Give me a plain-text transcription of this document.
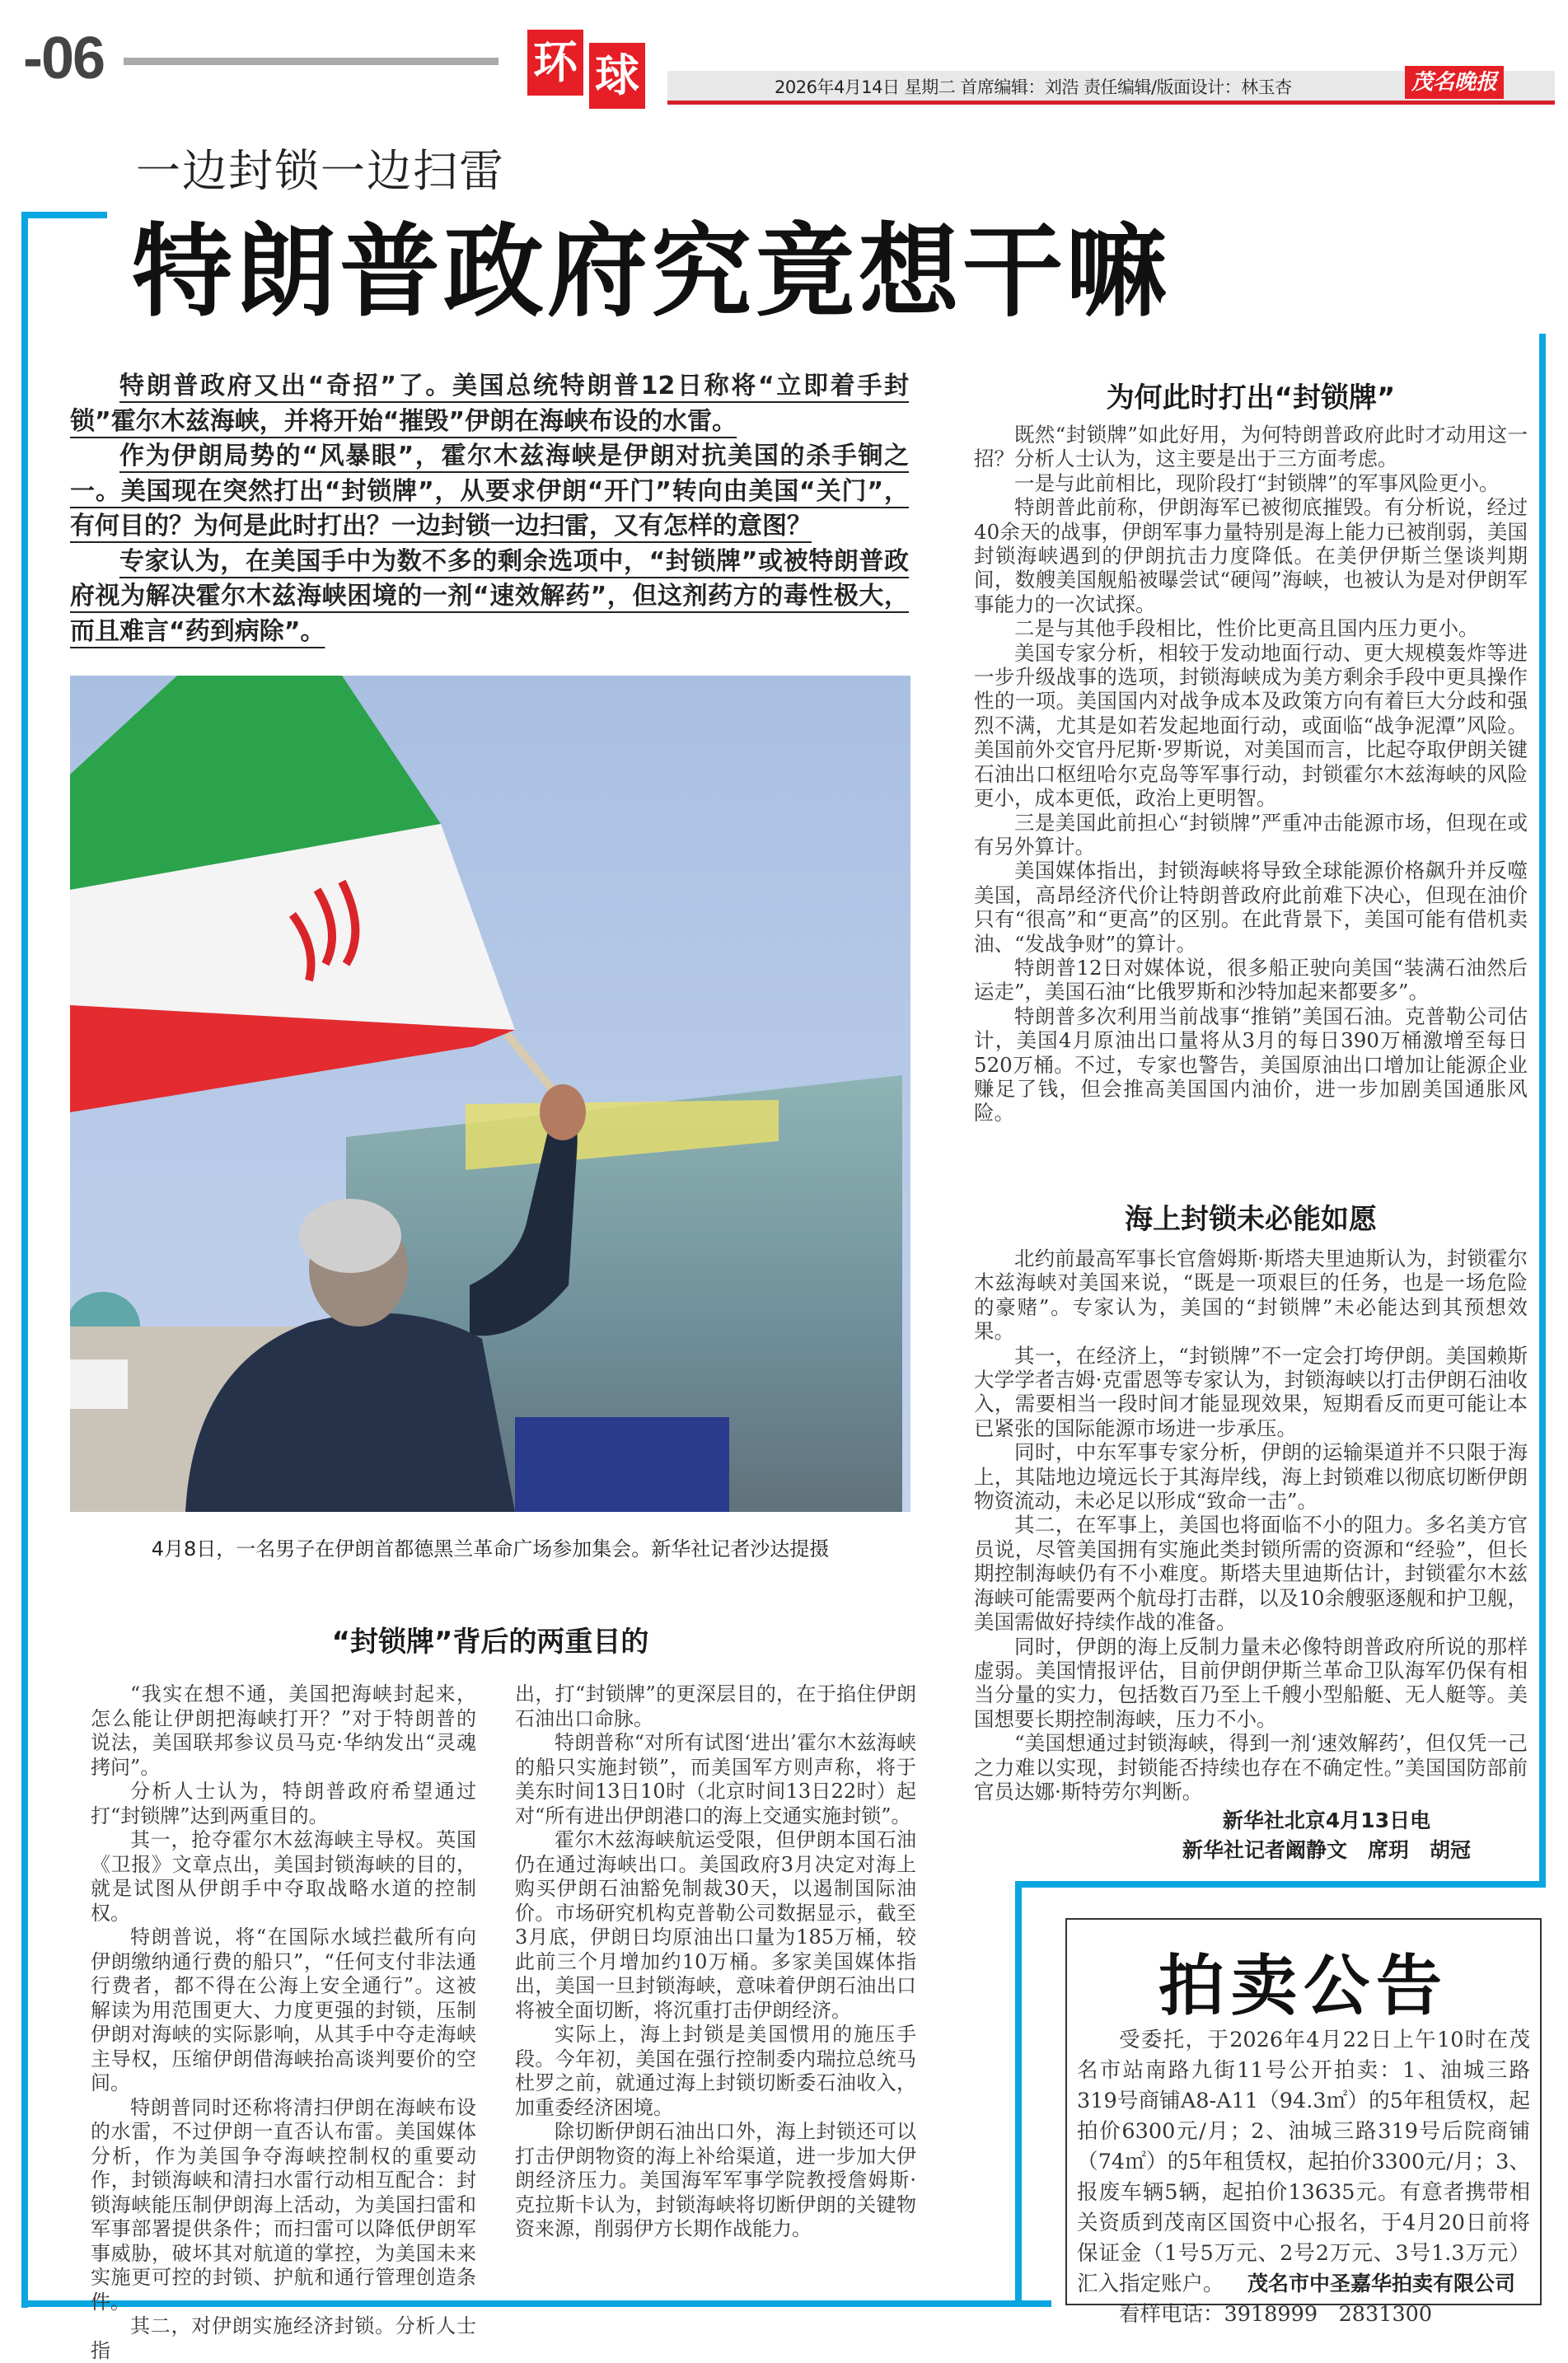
-06	环 球	2026年4月14日 星期二 首席编辑：刘浩 责任编辑/版面设计：林玉杏	茂名晚报
一边封锁一边扫雷
特朗普政府究竟想干嘛

特朗普政府又出“奇招”了。美国总统特朗普12日称将“立即着手封锁”霍尔木兹海峡，并将开始“摧毁”伊朗在海峡布设的水雷。

作为伊朗局势的“风暴眼”，霍尔木兹海峡是伊朗对抗美国的杀手锏之一。美国现在突然打出“封锁牌”，从要求伊朗“开门”转向由美国“关门”，有何目的？为何是此时打出？一边封锁一边扫雷，又有怎样的意图？

专家认为，在美国手中为数不多的剩余选项中，“封锁牌”或被特朗普政府视为解决霍尔木兹海峡困境的一剂“速效解药”，但这剂药方的毒性极大，而且难言“药到病除”。

4月8日，一名男子在伊朗首都德黑兰革命广场参加集会。新华社记者沙达提摄
“封锁牌”背后的两重目的

“我实在想不通，美国把海峡封起来，怎么能让伊朗把海峡打开？”对于特朗普的说法，美国联邦参议员马克·华纳发出“灵魂拷问”。

分析人士认为，特朗普政府希望通过打“封锁牌”达到两重目的。

其一，抢夺霍尔木兹海峡主导权。英国《卫报》文章点出，美国封锁海峡的目的，就是试图从伊朗手中夺取战略水道的控制权。

特朗普说，将“在国际水域拦截所有向伊朗缴纳通行费的船只”，“任何支付非法通行费者，都不得在公海上安全通行”。这被解读为用范围更大、力度更强的封锁，压制伊朗对海峡的实际影响，从其手中夺走海峡主导权，压缩伊朗借海峡抬高谈判要价的空间。

特朗普同时还称将清扫伊朗在海峡布设的水雷，不过伊朗一直否认布雷。美国媒体分析，作为美国争夺海峡控制权的重要动作，封锁海峡和清扫水雷行动相互配合：封锁海峡能压制伊朗海上活动，为美国扫雷和军事部署提供条件；而扫雷可以降低伊朗军事威胁，破坏其对航道的掌控，为美国未来实施更可控的封锁、护航和通行管理创造条件。

其二，对伊朗实施经济封锁。分析人士指

出，打“封锁牌”的更深层目的，在于掐住伊朗石油出口命脉。

特朗普称“对所有试图‘进出’霍尔木兹海峡的船只实施封锁”，而美国军方则声称，将于美东时间13日10时（北京时间13日22时）起对“所有进出伊朗港口的海上交通实施封锁”。

霍尔木兹海峡航运受限，但伊朗本国石油仍在通过海峡出口。美国政府3月决定对海上购买伊朗石油豁免制裁30天，以遏制国际油价。市场研究机构克普勒公司数据显示，截至3月底，伊朗日均原油出口量为185万桶，较此前三个月增加约10万桶。多家美国媒体指出，美国一旦封锁海峡，意味着伊朗石油出口将被全面切断，将沉重打击伊朗经济。

实际上，海上封锁是美国惯用的施压手段。今年初，美国在强行控制委内瑞拉总统马杜罗之前，就通过海上封锁切断委石油收入，加重委经济困境。

除切断伊朗石油出口外，海上封锁还可以打击伊朗物资的海上补给渠道，进一步加大伊朗经济压力。美国海军军事学院教授詹姆斯·克拉斯卡认为，封锁海峡将切断伊朗的关键物资来源，削弱伊方长期作战能力。

为何此时打出“封锁牌”

既然“封锁牌”如此好用，为何特朗普政府此时才动用这一招？分析人士认为，这主要是出于三方面考虑。

一是与此前相比，现阶段打“封锁牌”的军事风险更小。

特朗普此前称，伊朗海军已被彻底摧毁。有分析说，经过40余天的战事，伊朗军事力量特别是海上能力已被削弱，美国封锁海峡遇到的伊朗抗击力度降低。在美伊伊斯兰堡谈判期间，数艘美国舰船被曝尝试“硬闯”海峡，也被认为是对伊朗军事能力的一次试探。

二是与其他手段相比，性价比更高且国内压力更小。

美国专家分析，相较于发动地面行动、更大规模轰炸等进一步升级战事的选项，封锁海峡成为美方剩余手段中更具操作性的一项。美国国内对战争成本及政策方向有着巨大分歧和强烈不满，尤其是如若发起地面行动，或面临“战争泥潭”风险。美国前外交官丹尼斯·罗斯说，对美国而言，比起夺取伊朗关键石油出口枢纽哈尔克岛等军事行动，封锁霍尔木兹海峡的风险更小，成本更低，政治上更明智。

三是美国此前担心“封锁牌”严重冲击能源市场，但现在或有另外算计。

美国媒体指出，封锁海峡将导致全球能源价格飙升并反噬美国，高昂经济代价让特朗普政府此前难下决心，但现在油价只有“很高”和“更高”的区别。在此背景下，美国可能有借机卖油、“发战争财”的算计。

特朗普12日对媒体说，很多船正驶向美国“装满石油然后运走”，美国石油“比俄罗斯和沙特加起来都要多”。

特朗普多次利用当前战事“推销”美国石油。克普勒公司估计，美国4月原油出口量将从3月的每日390万桶激增至每日520万桶。不过，专家也警告，美国原油出口增加让能源企业赚足了钱，但会推高美国国内油价，进一步加剧美国通胀风险。

海上封锁未必能如愿

北约前最高军事长官詹姆斯·斯塔夫里迪斯认为，封锁霍尔木兹海峡对美国来说，“既是一项艰巨的任务，也是一场危险的豪赌”。专家认为，美国的“封锁牌”未必能达到其预想效果。

其一，在经济上，“封锁牌”不一定会打垮伊朗。美国赖斯大学学者吉姆·克雷恩等专家认为，封锁海峡以打击伊朗石油收入，需要相当一段时间才能显现效果，短期看反而更可能让本已紧张的国际能源市场进一步承压。

同时，中东军事专家分析，伊朗的运输渠道并不只限于海上，其陆地边境远长于其海岸线，海上封锁难以彻底切断伊朗物资流动，未必足以形成“致命一击”。

其二，在军事上，美国也将面临不小的阻力。多名美方官员说，尽管美国拥有实施此类封锁所需的资源和“经验”，但长期控制海峡仍有不小难度。斯塔夫里迪斯估计，封锁霍尔木兹海峡可能需要两个航母打击群，以及10余艘驱逐舰和护卫舰，美国需做好持续作战的准备。

同时，伊朗的海上反制力量未必像特朗普政府所说的那样虚弱。美国情报评估，目前伊朗伊斯兰革命卫队海军仍保有相当分量的实力，包括数百乃至上千艘小型船艇、无人艇等。美国想要长期控制海峡，压力不小。

“美国想通过封锁海峡，得到一剂‘速效解药’，但仅凭一己之力难以实现，封锁能否持续也存在不确定性。”美国国防部前官员达娜·斯特劳尔判断。

新华社北京4月13日电
新华社记者阚静文　席玥　胡冠
拍卖公告

受委托，于2026年4月22日上午10时在茂名市站南路九街11号公开拍卖：1、油城三路319号商铺A8-A11（94.3㎡）的5年租赁权，起拍价6300元/月；2、油城三路319号后院商铺（74㎡）的5年租赁权，起拍价3300元/月；3、报废车辆5辆，起拍价13635元。有意者携带相关资质到茂南区国资中心报名，于4月20日前将保证金（1号5万元、2号2万元、3号1.3万元）汇入指定账户。

看样电话：3918999　2831300

茂名市中圣嘉华拍卖有限公司
